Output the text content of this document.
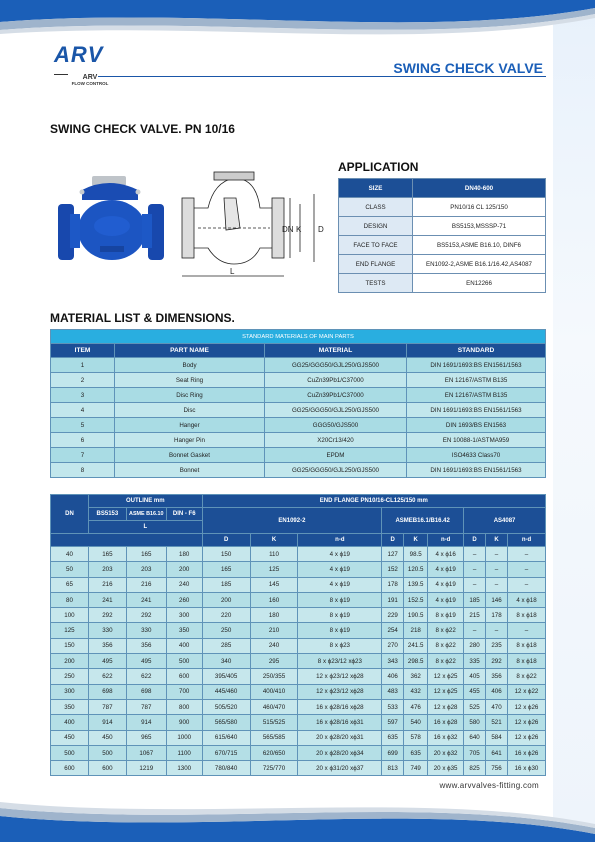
ARV
ARV
FLOW CONTROL
SWING CHECK VALVE
SWING CHECK VALVE. PN 10/16
DN K D
L
APPLICATION
SIZE	DN40-600
CLASS	PN10/16 CL 125/150
DESIGN	BS5153,MSSSP-71
FACE TO FACE	BS5153,ASME B16.10, DINF6
END FLANGE	EN1092-2,ASME B16.1/16.42,AS4087
TESTS	EN12266
MATERIAL LIST & DIMENSIONS.
STANDARD MATERIALS OF MAIN PARTS			
ITEM	PART NAME	MATERIAL	STANDARD
1	Body	GG25/GGG50/GJL250/GJS500	DIN 1691/1693:BS EN1561/1563
2	Seat Ring	CuZn39Pb1/C37000	EN 12167/ASTM B135
3	Disc Ring	CuZn39Pb1/C37000	EN 12167/ASTM B135
4	Disc	GG25/GGG50/GJL250/GJS500	DIN 1691/1693:BS EN1561/1563
5	Hanger	GGG50/GJS500	DIN 1693/BS EN1563
6	Hanger Pin	X20Cr13/420	EN 10088-1/ASTMA959
7	Bonnet Gasket	EPDM	ISO4633 Class70
8	Bonnet	GG25/GGG50/GJL250/GJS500	DIN 1691/1693:BS EN1561/1563
DN	OUTLINE mm			END FLANGE PN10/16-CL125/150 mm								
	BS5153	ASME B16.10	DIN - F6	EN1092-2			ASMEB16.1/B16.42			AS4087		
	L											
				D	K	n-d	D	K	n-d	D	K	n-d
40	165	165	180	150	110	4 x ϕ19	127	98.5	4 x ϕ16	–	–	–
50	203	203	200	165	125	4 x ϕ19	152	120.5	4 x ϕ19	–	–	–
65	216	216	240	185	145	4 x ϕ19	178	139.5	4 x ϕ19	–	–	–
80	241	241	260	200	160	8 x ϕ19	191	152.5	4 x ϕ19	185	146	4 x ϕ18
100	292	292	300	220	180	8 x ϕ19	229	190.5	8 x ϕ19	215	178	8 x ϕ18
125	330	330	350	250	210	8 x ϕ19	254	218	8 x ϕ22	–	–	–
150	356	356	400	285	240	8 x ϕ23	270	241.5	8 x ϕ22	280	235	8 x ϕ18
200	495	495	500	340	295	8 x ϕ23/12 xϕ23	343	298.5	8 x ϕ22	335	292	8 x ϕ18
250	622	622	600	395/405	250/355	12 x ϕ23/12 xϕ28	406	362	12 x ϕ25	405	356	8 x ϕ22
300	698	698	700	445/460	400/410	12 x ϕ23/12 xϕ28	483	432	12 x ϕ25	455	406	12 x ϕ22
350	787	787	800	505/520	460/470	16 x ϕ28/16 xϕ28	533	476	12 x ϕ28	525	470	12 x ϕ26
400	914	914	900	565/580	515/525	16 x ϕ28/16 xϕ31	597	540	16 x ϕ28	580	521	12 x ϕ26
450	450	965	1000	615/640	565/585	20 x ϕ28/20 xϕ31	635	578	16 x ϕ32	640	584	12 x ϕ26
500	500	1067	1100	670/715	620/650	20 x ϕ28/20 xϕ34	699	635	20 x ϕ32	705	641	16 x ϕ26
600	600	1219	1300	780/840	725/770	20 x ϕ31/20 xϕ37	813	749	20 x ϕ35	825	756	16 x ϕ30
www.arvvalves-fitting.com
